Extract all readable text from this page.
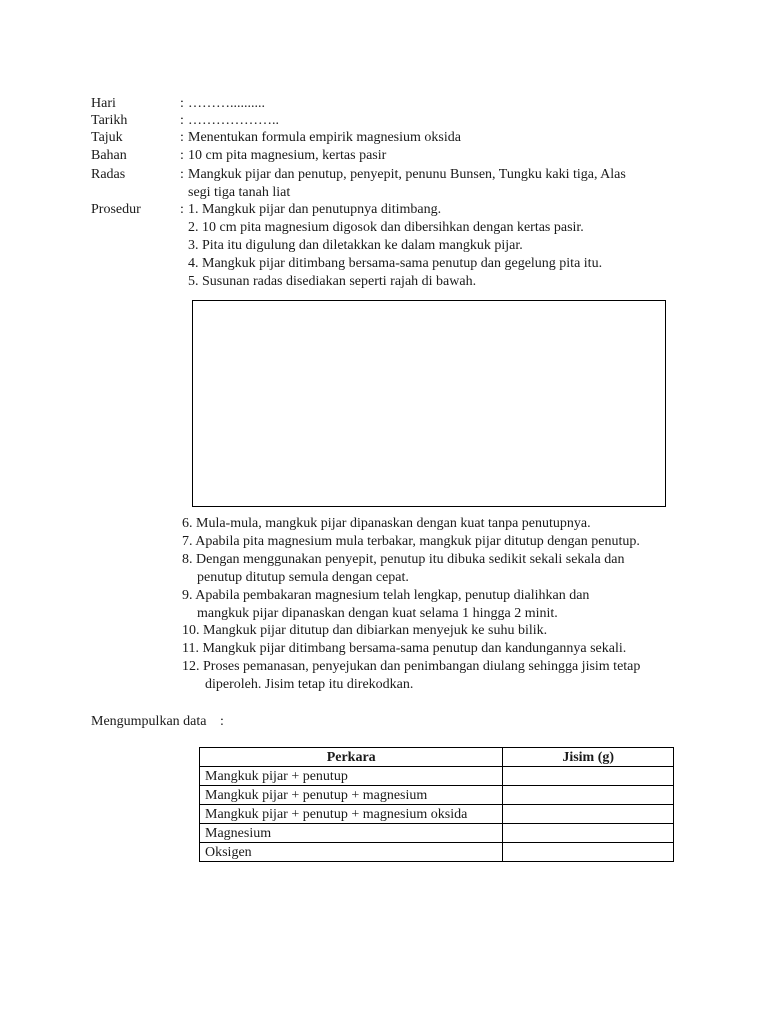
Hari	: ………..........
Tarikh	: ………………..
Tajuk	: Menentukan formula empirik magnesium oksida
Bahan	: 10 cm pita magnesium, kertas pasir
Radas	: Mangkuk pijar dan penutup, penyepit, penunu Bunsen, Tungku kaki tiga, Alas
segi tiga tanah liat
Prosedur	: 1. Mangkuk pijar dan penutupnya ditimbang.
2. 10 cm pita magnesium digosok dan dibersihkan dengan kertas pasir.
3. Pita itu digulung dan diletakkan ke dalam mangkuk pijar.
4. Mangkuk pijar ditimbang bersama-sama penutup dan gegelung pita itu.
5. Susunan radas disediakan seperti rajah di bawah.
6. Mula-mula, mangkuk pijar dipanaskan dengan kuat tanpa penutupnya.
7. Apabila pita magnesium mula terbakar, mangkuk pijar ditutup dengan penutup.
8. Dengan menggunakan penyepit, penutup itu dibuka sedikit sekali sekala dan
penutup ditutup semula dengan cepat.
9. Apabila pembakaran magnesium telah lengkap, penutup dialihkan dan
mangkuk pijar dipanaskan dengan kuat selama 1 hingga 2 minit.
10. Mangkuk pijar ditutup dan dibiarkan menyejuk ke suhu bilik.
11. Mangkuk pijar ditimbang bersama-sama penutup dan kandungannya sekali.
12. Proses pemanasan, penyejukan dan penimbangan diulang sehingga jisim tetap
diperoleh. Jisim tetap itu direkodkan.
Mengumpulkan data :
Perkara	Jisim (g)
Mangkuk pijar + penutup	
Mangkuk pijar + penutup + magnesium	
Mangkuk pijar + penutup + magnesium oksida	
Magnesium	
Oksigen	
